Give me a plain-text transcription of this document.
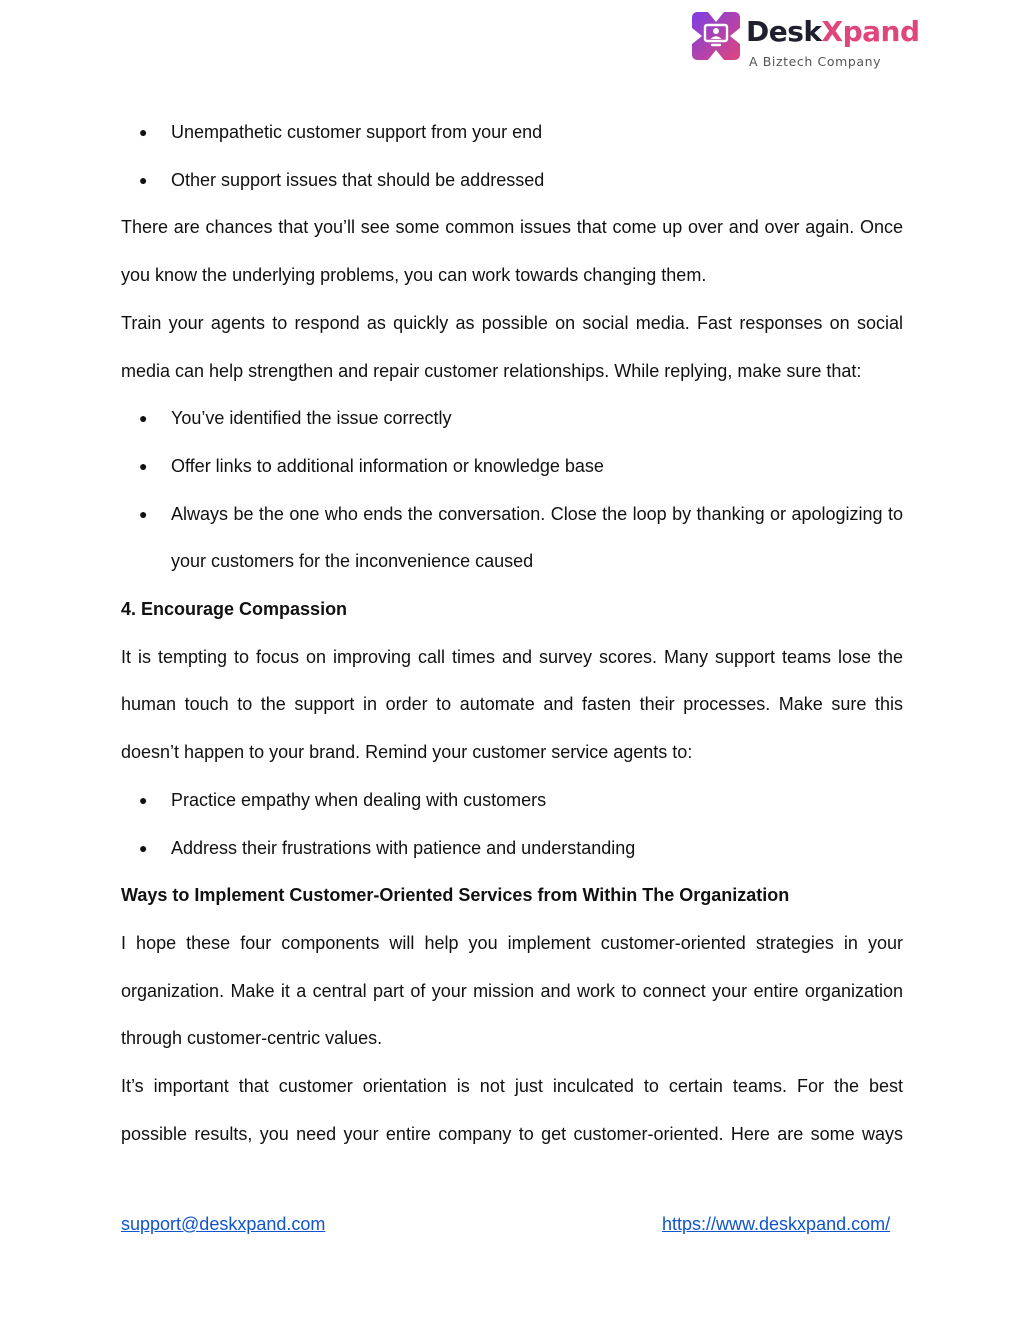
DeskXpand
A Biztech Company
● Unempathetic customer support from your end
● Other support issues that should be addressed

There are chances that you’ll see some common issues that come up over and over again. Once you know the underlying problems, you can work towards changing them.

Train your agents to respond as quickly as possible on social media. Fast responses on social media can help strengthen and repair customer relationships. While replying, make sure that:

● You’ve identified the issue correctly
● Offer links to additional information or knowledge base
● Always be the one who ends the conversation. Close the loop by thanking or apologizing to your customers for the inconvenience caused
4. Encourage Compassion

It is tempting to focus on improving call times and survey scores. Many support teams lose the human touch to the support in order to automate and fasten their processes. Make sure this doesn’t happen to your brand. Remind your customer service agents to:

● Practice empathy when dealing with customers
● Address their frustrations with patience and understanding
Ways to Implement Customer-Oriented Services from Within The Organization

I hope these four components will help you implement customer-oriented strategies in your organization. Make it a central part of your mission and work to connect your entire organization through customer-centric values.

It’s important that customer orientation is not just inculcated to certain teams. For the best possible results, you need your entire company to get customer-oriented. Here are some ways

support@deskxpand.com	https://www.deskxpand.com/
